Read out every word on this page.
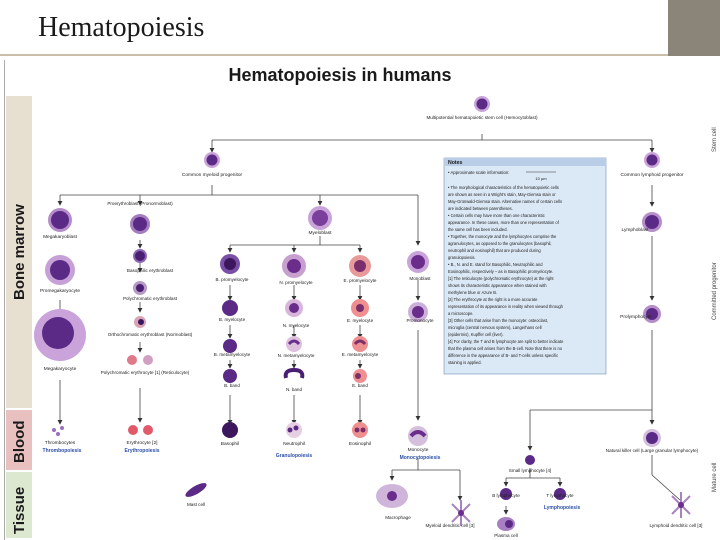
Hematopoiesis
Hematopoiesis in humans
Bone marrow
Blood
Tissue
Stem cell
Committed progenitor
Mature cell
Multipotential hematopoietic stem cell (Hemocytoblast)
Common myeloid progenitor	Common lymphoid progenitor
Megakaryoblast
Promegakaryocyte
Megakaryocyte
Thrombocytes
Thrombopoiesis
Proerythroblast (Pronormoblast)
Basophilic erythroblast
Polychromatic erythroblast
Orthochromatic erythroblast (Normoblast)
Polychromatic erythrocyte [1] (Reticulocyte)
Erythrocyte [2]
Erythropoiesis
Myeloblast
B. promyelocyte
N. promyelocyte	E. promyelocyte
B. myelocyte
N. myelocyte
E. myelocyte
B. metamyelocyte	N. metamyelocyte	E. metamyelocyte
B. band
N. band
E. band
Basophil	Neutrophil	Eosinophil
Granulopoiesis
Monoblast
Promonocyte
Monocyte
Monocytopoiesis
Macrophage
Myeloid dendritic cell [3]
Mast cell
Lymphoblast
Prolymphocyte
Natural killer cell (Large granular lymphocyte)
Small lymphocyte [4]
B lymphocyte	T lymphocyte
Lymphopoiesis
Plasma cell
Lymphoid dendritic cell [3]
Notes
• Approximate scale information:
10 µm
• The morphological characteristics of the hematopoietic cells
are shown as seen in a Wright's stain, May-Giemsa stain or
May-Grünwald-Giemsa stain. Alternative names of certain cells
are indicated between parentheses.
• Certain cells may have more than one characteristic
appearance. In these cases, more than one representation of
the same cell has been included.
• Together, the monocyte and the lymphocytes comprise the
agranulocytes, as opposed to the granulocytes (basophil,
neutrophil and eosinophil) that are produced during
granulopoiesis.
• B., N. and E. stand for Basophilic, Neutrophilic and
Eosinophilic, respectively – as in Basophilic promyelocyte.
[1] The reticulocyte (polychromatic erythrocyte) at the right
shows its characteristic appearance when stained with
methylene blue or Azure B.
[2] The erythrocyte at the right is a more accurate
representation of its appearance in reality when viewed through
a microscope.
[3] Other cells that arise from the monocyte: osteoclast,
microglia (central nervous system), Langerhans cell
(epidermis), Kupffer cell (liver).
[4] For clarity, the T and B lymphocyte are split to better indicate
that the plasma cell arises from the B-cell. Note that there is no
difference in the appearance of B- and T-cells unless specific
staining is applied.
